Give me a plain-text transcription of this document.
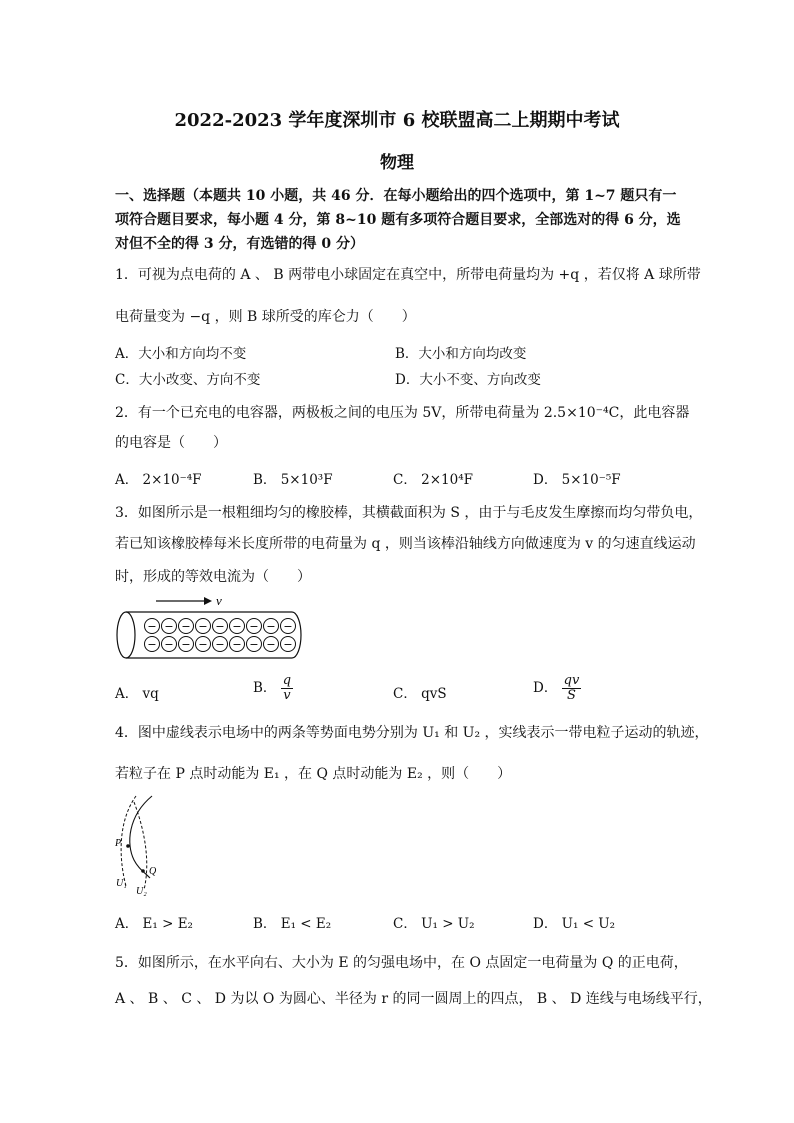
2022-2023 学年度深圳市 6 校联盟高二上期期中考试
物理
一、选择题（本题共 10 小题，共 46 分．在每小题给出的四个选项中，第 1~7 题只有一项符合题目要求，每小题 4 分，第 8~10 题有多项符合题目要求，全部选对的得 6 分，选对但不全的得 3 分，有选错的得 0 分）
1．可视为点电荷的 A 、 B 两带电小球固定在真空中，所带电荷量均为 +q ，若仅将 A 球所带
电荷量变为 −q ，则 B 球所受的库仑力（　　）
A．大小和方向均不变	B．大小和方向均改变
C．大小改变、方向不变	D．大小不变、方向改变
2．有一个已充电的电容器，两极板之间的电压为 5V，所带电荷量为 2.5×10⁻⁴C，此电容器
的电容是（　　）
A． 2×10⁻⁴F	B． 5×10³F	C． 2×10⁴F	D． 5×10⁻⁵F
3．如图所示是一根粗细均匀的橡胶棒，其横截面积为 S ，由于与毛皮发生摩擦而均匀带负电，
若已知该橡胶棒每米长度所带的电荷量为 q ，则当该棒沿轴线方向做速度为 v 的匀速直线运动
时，形成的等效电流为（　　）
v
− − − − − − − − −
− − − − − − − − −
A． vq	B． $\frac{q}{v}$	C． qvS	D． $\frac{qv}{S}$
4．图中虚线表示电场中的两条等势面电势分别为 U₁ 和 U₂ ，实线表示一带电粒子运动的轨迹，
若粒子在 P 点时动能为 E₁ ，在 Q 点时动能为 E₂ ，则（　　）
P
Q
U₁
U₂
A． E₁ > E₂	B． E₁ < E₂	C． U₁ > U₂	D． U₁ < U₂
5．如图所示，在水平向右、大小为 E 的匀强电场中，在 O 点固定一电荷量为 Q 的正电荷，
A 、 B 、 C 、 D 为以 O 为圆心、半径为 r 的同一圆周上的四点， B 、 D 连线与电场线平行，
